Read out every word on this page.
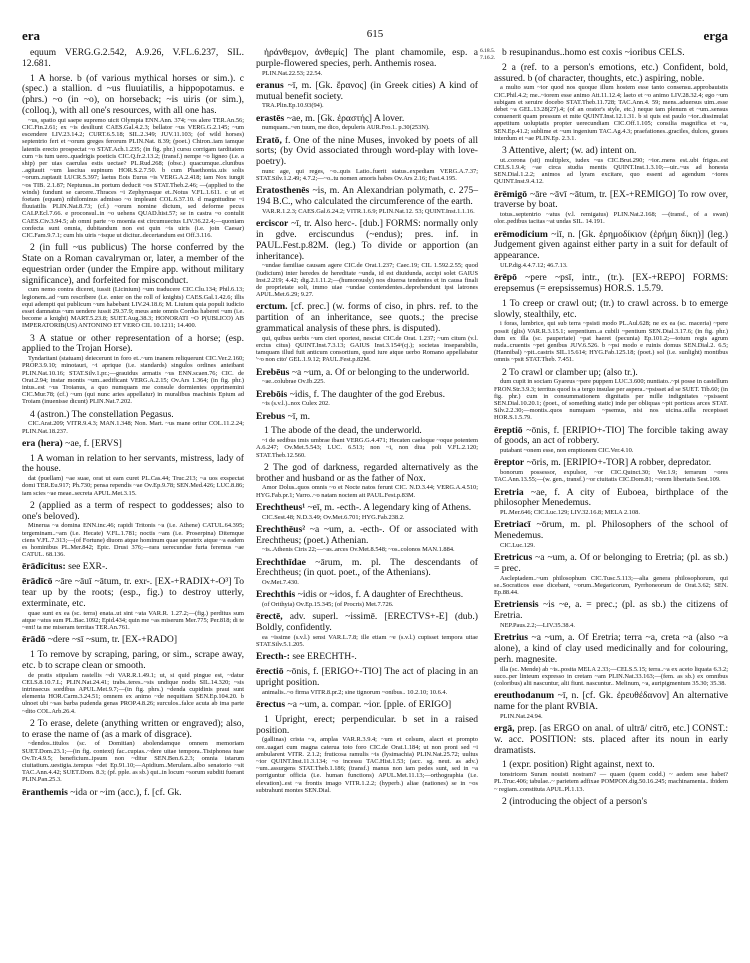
era	615	erga
equum VERG.G.2.542, A.9.26, V.FL.6.237, SIL. 12.681.
1 A horse. b (of various mythical horses or sim.). c (spec.) a stallion. d ~us fluuiatilis, a hippopotamus. e (phrs.) ~o (in ~o), on horseback; ~is uiris (or sim.), (colloq.), with all one's resources, with all one has.
~us, spatio qui saepe supremo uicit Olympia ENN.Ann. 374; ~os alere TER.An.56; CIC.Fin.2.61; ex ~is desiliunt CAES.Gal.4.2.3; bellator ~us VERG.G.2.145; ~um escendere LIV.23.14.2; CURT.6.5.18; SIL.2.349; JUV.11.103; (of wild horses) septentrio fert et ~orum greges ferorum PLIN.Nat. 8.39; (poet.) Chiron..iam iamque latentis erecto prospectat ~o STAT.Ach.1.235; (in fig. phr.) cursu corrigam tarditatem cum ~is tum uero..quadrigis poeticis CIC.Q.fr.2.13.2; (transf.) nempe ~o ligneo (i.e. a ship) per uias caerulas estis uectae? PL.Rud.268; (obsc.) quacumque..clunibus ..agitauit ~um lasciua supinum HOR.S.2.7.50. b cum Phaethonta..uis solis ~orum..raptauit LUCR.5.397; laetus Eois Eurus ~is VERG.A.2.418; iam Nox iungit ~os TIB. 2.1.87; Neptunus..in portum deducit ~os STAT.Theb.2.46; —(applied to the winds) fundunt se carcere..Thraces ~i Zephyrusque et..Notus V.FL.1.611. c ut et foetam (equam) nihilominus admisso ~o impleant COL.6.37.10. d magnitudine ~i fluuiatilis PLIN.Nat.8.73; (cf.) ~orum nomine dictum, sed deforme pecus CALP.Ecl.7.66. e proconsul..in ~o uehens QUAD.hist.57; se in castra ~o contulit CAES.Civ.3.94.5; ab omni parte ~o moenia est circumuectus LIV.36.22.4;—quoniam confecta sunt omnia, dubitandum non est quin ~is uiris (i.e. join Caesar) CIC.Fam.9.7.1; cum his uiris ~isque ut dicitur..decertandum est Off.3.116.
2 (in full ~us publicus) The horse conferred by the State on a Roman cavalryman or, later, a member of the equestrian order (under the Empire app. without military significance), and forfeited for misconduct.
cum nemo contra diceret, iussit (Licinium) ~um traducere CIC.Clu.134; Phil.6.13; legionem..ad ~um rescribere (i.e. enter on the roll of knights) CAES.Gal.1.42.6; illis equi adempti qui publicum ~um habebant LIV.24.18.6; M. Liuium quia populi iudicio esset damnatus ~um uendere iussit 29.37.9; meus ante omnis Cordus haberet ~um (i.e. become a knight) MART.5.23.8; SUET.Aug.38.3; HONORATI ~O P(UBLICO) AB IMPERATORIB(US) ANTONINO ET VERO CIL 10.1211; 14.400.
3 A statue or other representation of a horse; (esp. applied to the Trojan Horse).
Tyndaritani (statuam) deiecerunt in foro et..~um inanem reliquerunt CIC.Ver.2.160; PROP.3.9.10; minotauri, ~i aprique (i.e. standards) singulos ordines anteibant PLIN.Nat.10.16; STAT.Silv.1.pr.;—grauidus armatis ~us ENN.scaen.76; CIC. de Orat.2.94; instar montis ~um..aedificant VERG.A.2.15; Ov.Ars 1.364; (in fig. phr.) intus..est ~us Troianus, a quo numquam me consule dormientes opprimemini CIC.Mur.78; (cf.) ~um (qui nunc aries appellatur) in muralibus machinis Epium ad Troiam (inuenisse dicunt) PLIN.Nat.7.202.
4 (astron.) The constellation Pegasus.
CIC.Arat.209; VITR.9.4.3; MAN.1.348; Non. Mart. ~us mane oritur COL.11.2.24; PLIN.Nat.18.237.
era (hera) ~ae, f. [ERVS]
1 A woman in relation to her servants, mistress, lady of the house.
dat (puellam) ~ae suae, orat ut eam curet PL.Cas.44; Truc.213; ~a uos exspectat domi TER.Eu.917; Ph.730; pensa rependis ~ae Ov.Ep.9.78; SEN.Med.426; LUC.8.86; iam scies ~ae meae..secreta APUL.Met.3.15.
2 (applied as a term of respect to goddesses; also to one's beloved).
Minerua ~a domina ENN.inc.46; rapidi Tritonis ~a (i.e. Athene) CATUL.64.395; tergeminam..~am (i.e. Hecate) V.FL.1.781; noctis ~am (i.e. Proserpina) Ditemque ciens V.FL.7.313;—(of Fortune) diuom atque hominum quae speratrix atque ~a eadem es hominibus PL.Mer.842; Epic. Drusi 376;—rara uerecundae furta feremus ~ae CATUL. 68.136.
ērādīcitus: see EXR-.
ērādīcō ~āre ~āuī ~ātum, tr. exr-. [EX-+RADIX+-O³] To tear up by the roots; (esp., fig.) to destroy utterly, exterminate, etc.
quae sunt ex ea (sc. terra) enata..ut sint ~ata VAR.R. 1.27.2;—(fig.) perditus sum atque ~atus sum PL.Bac.1092; Epid.434; quin me ~as miserum Mer.775; Per.818; di te ~ent! ta me miseram territas TER.An.761.
ērādō ~dere ~sī ~sum, tr. [EX-+RADO]
1 To remove by scraping, paring, or sim., scrape away, etc. b to scrape clean or smooth.
de pratis stipulam rastellis ~di VAR.R.1.49.1; ut, si quid pingue est, ~datur CELS.8.10.7.L; PLIN.Nat.24.41; trabs..teres..~sis undique nodis SIL.14.320; ~sis intrinsecus sordibus APUL.Met.9.7;—(in fig. phrs.) ~denda cupidinis praui sunt elementa HOR.Carm.3.24.51; omnem ex animo ~de nequitiam SEN.Ep.104.20. b ulnoet ubi ~sas barba pudenda genas PROP.4.8.26; surculos..falce acuta ab ima parte ~dito COL.Arb.26.4.
2 To erase, delete (anything written or engraved); also, to erase the name of (as a mark of disgrace).
~dendos..titulos (sc. of Domitian) abolendamque omnem memoriam SUET.Dom.23.1;—(in fig. context) fac..cupias..~dere uitae tempora..Tisiphonea tuae Ov.Tr.4.9.5; beneficium..ipsum non ~ditur SEN.Ben.6.2.3; omnia istarum ciuitatium..uestigia..tempus ~det Ep.91.10;—Apidium..Merulam..albo senatorio ~sit TAC.Ann.4.42; SUET.Dom. 8.3; (pf. pple. as sb.) qui..in locum ~sorum subditi fuerant PLIN.Pan.25.3.
ēranthemis ~ida or ~im (acc.), f. [cf. Gk.
ἠράνθεμον, ἀνθεμίς] The plant chamomile, esp. a purple-flowered species, perh. Anthemis rosea.
PLIN.Nat.22.53; 22.54.
eranus ~ī, m. [Gk. ἔρανος] (in Greek cities) A kind of mutual benefit society.
TRA.Plin.Ep.10.93(94).
erastēs ~ae, m. [Gk. ἐραστής] A lover.
numquam..~en tuum, me dico, depuleris AUR.Fro.1. p.30(253N).
Eratō, f. One of the nine Muses, invoked by poets of all sorts; (by Ovid associated through word-play with love-poetry).
nunc age, qui reges, ~o..quis Latio..fuerit status..expediam VERG.A.7.37; STAT.Silv.1.2.49; 4.7.2;—~o..tu nomen amoris habes Ov.Ars 2.16; Fast.4.195.
Eratosthenēs ~is, m. An Alexandrian polymath, c. 275–194 B.C., who calculated the circumference of the earth.
VAR.R.1.2.3; CAES.Gal.6.24.2; VITR.1.6.9; PLIN.Nat.12. 53; QUINT.Inst.1.1.16.
erciscor ~ī, tr. Also herc-. [dub.] FORMS: normally only in gdve. erciscundus (~endus); pres. inf. in PAUL.Fest.p.82M. (leg.) To divide or apportion (an inheritance).
~undae familiae causam agere CIC.de Orat.1.237; Caec.19; CIL 1.592.2.55; quod (iudicium) inter heredes de hereditate ~unda, id est diuidunda, accipi solet GAIUS Inst.2.219; 4.42; dig.2.1.11.2;—(humorously) nos diuersa tendentes et in causa finali de proprietate soli, immo uiae ~undae contendentes..deprehendunt ipsi latrones APUL.Met.6.29; 9.27.
erctum. [cf. prec.] (w. forms of ciso, in phrs. ref. to the partition of an inheritance, see quots.; the precise grammatical analysis of these phrs. is disputed).
qui, quibus uerbis ~um cieri oportest, nesciat CIC.de Orat. 1.237; ~um citum (v.l. erctus citus) QUINT.Inst.7.3.13; GAIUS Inst.3.154ᵃ(cj.); societas inseparabilis, tamquam illud fuit anticum consortium, quod iure atque uerbo Romano appellabatur '~o non cito' GEL.1.9.12; PAUL.Fest.p.82M.
Erebēus ~a ~um, a. Of or belonging to the underworld.
~ae..colubrae Ov.Ib.225.
Erebōis ~idis, f. The daughter of the god Erebus.
~is (s.v.l.)..nox Culex 202.
Erebus ~ī, m.
1 The abode of the dead, the underworld.
~i de sedibus imis umbrae ibant VERG.G.4.471; Hecaten caeloque ~oque potentem A.6.247; Ov.Met.5.543; LUC. 6.513; non ~i, non diua poli V.FL.2.120; STAT.Theb.12.560.
2 The god of darkness, regarded alternatively as the brother and husband or as the father of Nox.
Amor Dolus..quos omnis ~o et Nocte natos ferunt CIC. N.D.3.44; VERG.A.4.510; HYG.Fab.pr.1; Varro..~o natam noctem ait PAUL.Fest.p.83M.
Erechtheus¹ ~eī, m. -ecth-. A legendary king of Athens.
CIC.Sest.48; N.D.3.49; Ov.Met.6.701; HYG.Fab.238.2.
Erechthēus² ~a ~um, a. -ecth-. Of or associated with Erechtheus; (poet.) Athenian.
~is..Athenis Ciris 22;—~as..arces Ov.Met.8.548; ~os..colonos MAN.1.884.
Erechthīdae ~ārum, m. pl. The descendants of Erechtheus; (in quot. poet., of the Athenians).
Ov.Met.7.430.
Erechthis ~idis or ~idos, f. A daughter of Erechtheus.
(of Orithyia) Ov.Ep.15.345; (of Procris) Met.7.726.
ērectē, adv. superl. ~issimē. [ERECTVS+-E] (dub.) Boldly, confidently.
ea ~issime (s.v.l.) sensi VAR.L.7.8; ille etiam ~e (s.v.l.) cupisset tempora uitae STAT.Silv.5.1.205.
Erecth-: see ERECHTH-.
ērectiō ~ōnis, f. [ERIGO+-TIO] The act of placing in an upright position.
animalis..~o firma VITR.8.pr.2; sine tignorum ~onibus.. 10.2.10; 10.6.4.
ērectus ~a ~um, a. compar. ~ior. [pple. of ERIGO]
1 Upright, erect; perpendicular. b set in a raised position.
(gallinas) crista ~a, amplas VAR.R.3.9.4; ~um et celsum, alacri et prompto ore..uagari cum magna caterua toto foro CIC.de Orat.1.184; ut non proni sed ~i ambularent VITR. 2.1.2; fruticosa ramulis ~is (lysimachia) PLIN.Nat.25.72; uultus ~ior QUINT.Inst.11.3.134; ~o incessu TAC.Hist.1.53; (acc. sg. neut. as adv.) ~um..assurgens STAT.Theb.1.186; (transf.) manus non iam pedes sunt, sed in ~a porriguntur officia (i.e. human functions) APUL.Met.11.13;—orthographia (i.e. elevation)..est ~a frontis imago VITR.1.2.2; (hyperb.) aliae (nationes) se in ~os subtrahunt montes SEN.Dial.
6.18.5. 7.16.2. b resupinandus..homo est coxis ~ioribus CELS.
2 a (ref. to a person's emotions, etc.) Confident, bold, assured. b (of character, thoughts, etc.) aspiring, noble.
a multo sum ~ior quod nos quoque illum hostem esse tanto consensu..approbauistis CIC.Phil.4.2; me..~iorem esse animo Att.11.12.4; laeto et ~o animo LIV.28.32.4; ego ~um subigam et seruire docebo STAT.Theb.11.728; TAC.Ann.4. 59; mens..aduersus uim..esse debet ~a GEL.13.28(27).4; (of an orator's style, etc.) neque tam plenum et ~um..sensus conuenerit quam pressum et mite QUINT.Inst.12.1.31. b si quis est paulo ~ior..dissimulat appetitum uoluptatis propter uerecundiam CIC.Off.1.105; consilia magnifica et ~a, SEN.Ep.41.2; sublime et ~um ingenium TAC.Ag.4.3; praefationes..graciles, dulces, graues interdum et ~ae PLIN.Ep. 2.3.1.
3 Attentive, alert; (w. ad) intent on.
ut..corona (sit) multiplex, iudex ~us CIC.Brut.290; ~ior..mens est..ubi frigus..est CELS.1.9.4; ~ae circa studia mentis QUINT.Inst.1.3.10;—uir..~us ad honesta SEN.Dial.1.2.2; animos ad lyram excitare, quo essent ad agendum ~iores QUINT.Inst.9.4.12.
ērēmigō ~āre ~āvī ~ātum, tr. [EX-+REMIGO] To row over, traverse by boat.
totus..septentrio ~atus (v.l. remigatus) PLIN.Nat.2.168; —(transf., of a swan) olor..pedibus tacitas ~at undas SIL. 14.191.
erēmodicium ~iī, n. [Gk. ἐρημοδίκιον (ἐρήμη δίκη)] (leg.) Judgement given against either party in a suit for default of appearance.
ULP.dig.4.4.7.12; 46.7.13.
ērēpō ~pere ~psī, intr., (tr.). [EX-+REPO] FORMS: erepsemus (= erepsissemus) HOR.S. 1.5.79.
1 To creep or crawl out; (tr.) to crawl across. b to emerge slowly, stealthily, etc.
i foras, lumbrice, qui sub terra ~psisti modo PL.Aul.628; ne ex ea (sc. maceria) ~pere possit (glis) VAR.R.3.15.1; serpentium..a cubili ~pentium SEN.Dial.3.17.6; (in fig. phr.) dum ex illa (sc. paupertate) ~pat haeret (pecunia) Ep.101.2;—totum regis agrum nuda..cruentis ~pet genibus JUV.6.526. b ~psi modo e ruinis domus SEN.Dial.2. 6.5; (Hannibal) ~pit..castris SIL.15.614; HYG.Fab.125.18; (poet.) sol (i.e. sunlight) montibus omnis ~psit STAT.Theb. 7.451.
2 To crawl or clamber up; (also tr.).
dum cupit in sociam Gyareus ~pere puppem LUC.3.600; nuntiato..~pi posse in castellum FRON.Str.3.9.3; territus quod is a tergo insulae per aspera..~psisset ad se SUET. Tib.60; (in fig. phr.) cum in consummationem dignitatis per mille indignitates ~psissent SEN.Dial.10.20.1; (poet., of something static) inde per obliquas ~pit porticus arces STAT. Silv.2.2.30;—montis..quos numquam ~psemus, nisi nos uicina..uilla recepisset HOR.S.1.5.79.
ēreptiō ~ōnis, f. [ERIPIO+-TIO] The forcible taking away of goods, an act of robbery.
putabant ~onem esse, non emptionem CIC.Ver.4.10.
ēreptor ~ōris, m. [ERIPIO+-TOR] A robber, depredator.
bonorum possessor, expulsor, ~or CIC.Quinct.30; Ver.1.9; terrarum ~ores TAC.Ann.13.55;—(w. gen., transf.) ~or ciuitatis CIC.Dom.81; ~orem libertatis Sest.109.
Eretria ~ae, f. A city of Euboea, birthplace of the philosopher Menedemus.
PL.Mer.646; CIC.Luc.129; LIV.32.16.8; MELA 2.108.
Eretriacī ~ōrum, m. pl. Philosophers of the school of Menedemus.
CIC.Luc.129.
Eretricus ~a ~um, a. Of or belonging to Eretria; (pl. as sb.) = prec.
Asclepiadem..~um philosophum CIC.Tusc.5.113;—alia genera philosophorum, qui se..Socraticos esse dicebant, ~orum..Megaricorum, Pyrrhoneorum de Orat.3.62; SEN. Ep.88.44.
Eretriensis ~is ~e, a. = prec.; (pl. as sb.) the citizens of Eretria.
NEP.Paus.2.2;—LIV.35.38.4.
Eretrius ~a ~um, a. Of Eretria; terra ~a, creta ~a (also ~a alone), a kind of clay used medicinally and for colouring, perh. magnesite.
illa (sc. Mende) ab ~is..posita MELA 2.33;—CELS.5.15; terra..~a ex aceto liquata 6.3.2; suco..per linteum expresso in cretam ~am PLIN.Nat.33.163;—(fem. as sb.) ex omnibus (coloribus) alii nascuntur, alii fiunt. nascuntur.. Melinum, ~a, auripigmentum 35.30; 35.38.
ereuthodanum ~ī, n. [cf. Gk. ἐρευθέδανον] An alternative name for the plant RVBIA.
PLIN.Nat.24.94.
ergā, prep. [as ERGO on anal. of ultrā/ citrō, etc.] CONST.: w. acc. POSITION: sts. placed after its noun in early dramatists.
1 (expr. position) Right against, next to.
tonstricem Suram nouisti nostram? — quaen (quem codd.) ~ aedem sese habet? PL.Truc.406; tabulae..~ parietem adfixae POMPON.dig.50.16.245; machinamenta.. ibidem ~ regiam..constituta APUL.Pl.1.13.
2 (introducing the object of a person's
